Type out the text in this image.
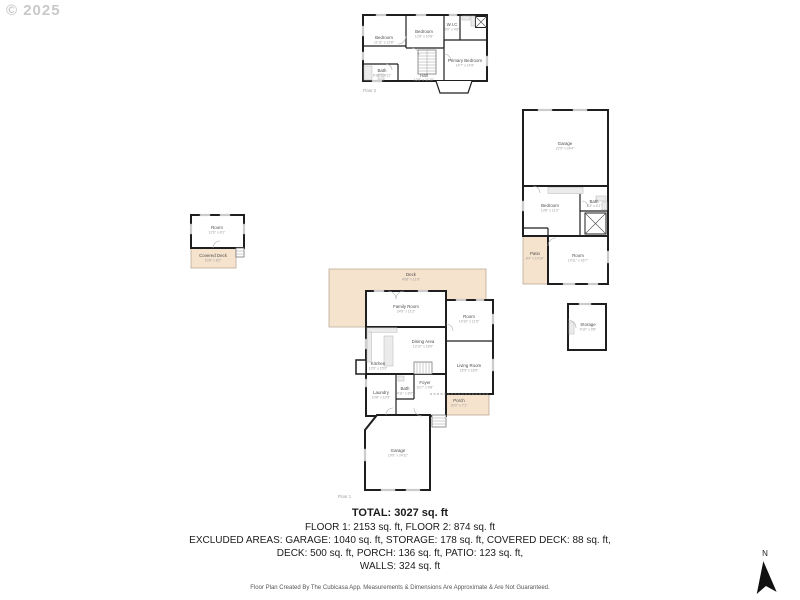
© 2025
Bedroom
11'11" x 12'8"
Bedroom
12'8" x 10'8"
W.I.C
6'6" x 4'8"
Bath
8'10" x 4'11"	Hall
12'8" x 11'10"
Primary Bedroom
14'7" x 14'9"
Floor 2
Garage
22'9" x 24'4"
Bedroom
13'8" x 11'2"
Bath
8'3" x 5'1"
Room
14'11" x 16'7"
Patio
8'4" x 14'10"
Room
12'6" x 8'1"
Covered Deck
10'8" x 8'2"
Storage
9'10" x 9'8"
Deck
40'8" x 11'6"
Family Room
24'9" x 11'2"
Room
14'10" x 11'9"
Dining Area
13'10" x 18'9"
Kitchen
12'9" x 15'9"
Living Room
15'5" x 18'9"
Foyer
10'7" x 9'8"
Laundry
10'8" x 10'9"
Bath
4'11" x 8'0"
Porch
20'0" x 7'1"
Garage
19'9" x 24'11"
Floor 1
TOTAL: 3027 sq. ft
FLOOR 1: 2153 sq. ft, FLOOR 2: 874 sq. ft
EXCLUDED AREAS: GARAGE: 1040 sq. ft, STORAGE: 178 sq. ft, COVERED DECK: 88 sq. ft,
DECK: 500 sq. ft, PORCH: 136 sq. ft, PATIO: 123 sq. ft,
WALLS: 324 sq. ft
Floor Plan Created By The Cubicasa App. Measurements & Dimensions Are Approximate & Are Not Guaranteed.
N
